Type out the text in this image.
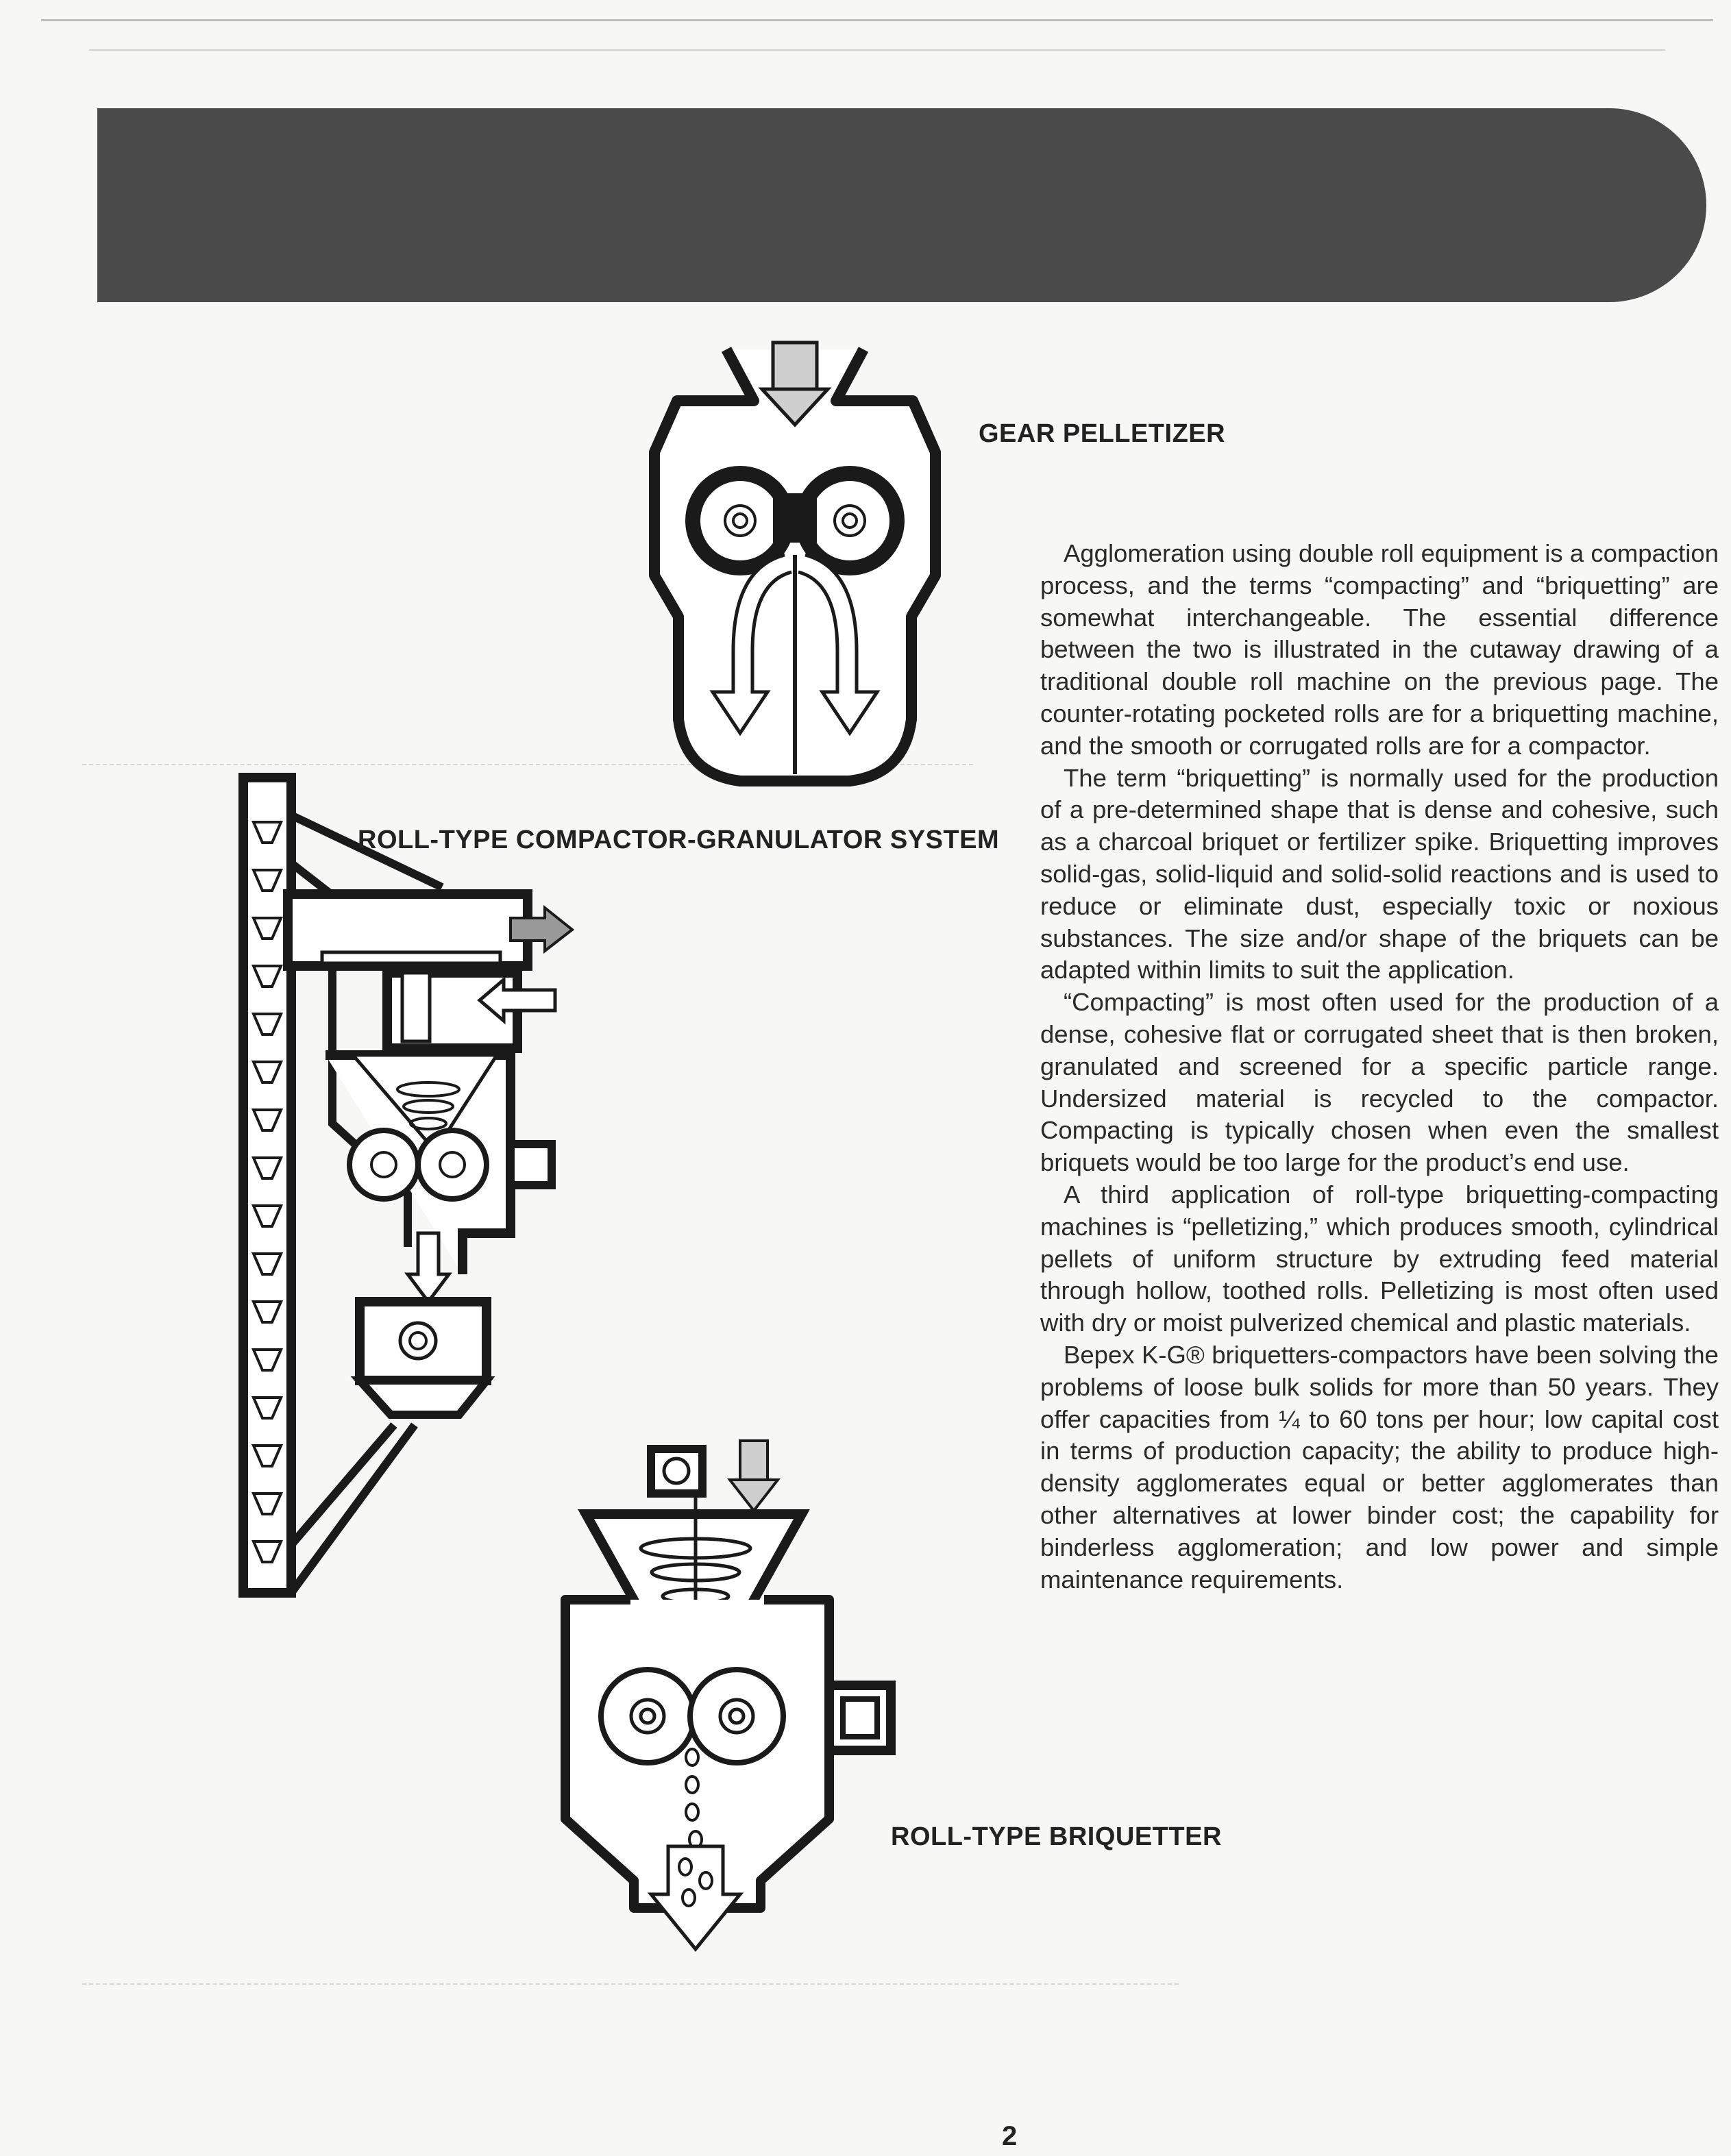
GEAR PELLETIZER
ROLL-TYPE COMPACTOR-GRANULATOR SYSTEM
ROLL-TYPE BRIQUETTER

Agglomeration using double roll equipment is a compaction process, and the terms “compacting” and “briquetting” are somewhat interchangeable. The essential difference between the two is illustrated in the cutaway drawing of a traditional double roll machine on the previous page. The counter-rotating pocketed rolls are for a briquetting machine, and the smooth or corrugated rolls are for a compactor.

The term “briquetting” is normally used for the production of a pre-determined shape that is dense and cohesive, such as a charcoal briquet or fertilizer spike. Briquetting improves solid-gas, solid-liquid and solid-solid reactions and is used to reduce or eliminate dust, especially toxic or noxious substances. The size and/or shape of the briquets can be adapted within limits to suit the application.

“Compacting” is most often used for the production of a dense, cohesive flat or corrugated sheet that is then broken, granulated and screened for a specific particle range. Undersized material is recycled to the compactor. Compacting is typically chosen when even the smallest briquets would be too large for the product’s end use.

A third application of roll-type briquetting-compacting machines is “pelletizing,” which produces smooth, cylindrical pellets of uniform structure by extruding feed material through hollow, toothed rolls. Pelletizing is most often used with dry or moist pulverized chemical and plastic materials.

Bepex K-G® briquetters-compactors have been solving the problems of loose bulk solids for more than 50 years. They offer capacities from ¼ to 60 tons per hour; low capital cost in terms of production capacity; the ability to produce high-density agglomerates equal or better agglomerates than other alternatives at lower binder cost; the capability for binderless agglomeration; and low power and simple maintenance requirements.

2
